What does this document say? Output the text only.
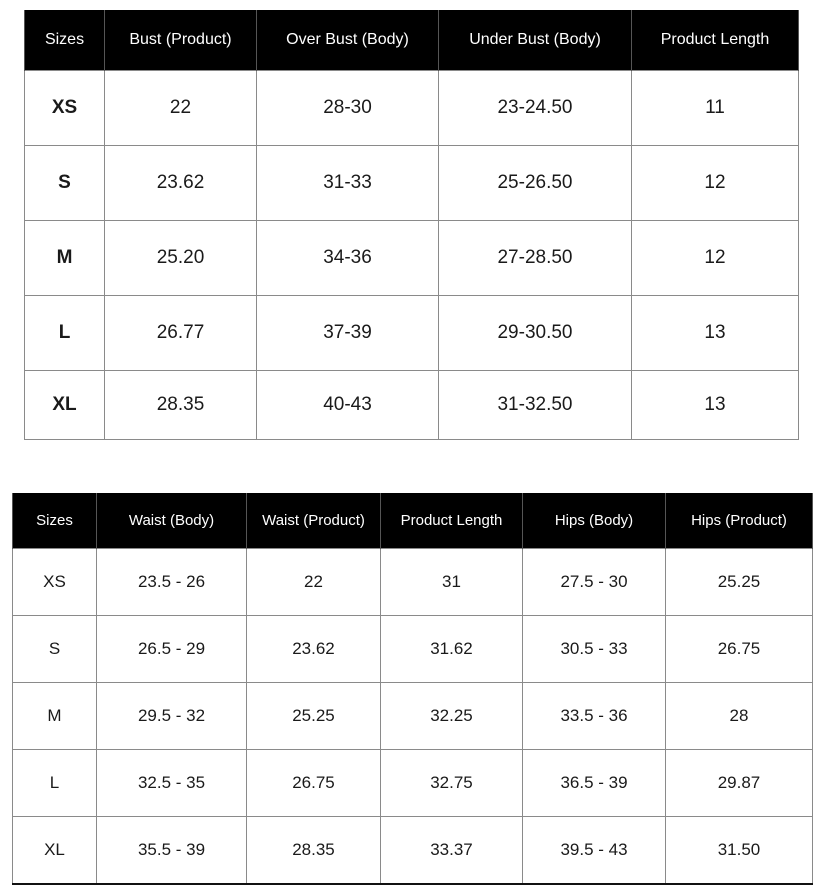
Sizes	Bust (Product)	Over Bust (Body)	Under Bust (Body)	Product Length
XS	22	28-30	23-24.50	11
S	23.62	31-33	25-26.50	12
M	25.20	34-36	27-28.50	12
L	26.77	37-39	29-30.50	13
XL	28.35	40-43	31-32.50	13
Sizes	Waist (Body)	Waist (Product)	Product Length	Hips (Body)	Hips (Product)
XS	23.5 - 26	22	31	27.5 - 30	25.25
S	26.5 - 29	23.62	31.62	30.5 - 33	26.75
M	29.5 - 32	25.25	32.25	33.5 - 36	28
L	32.5 - 35	26.75	32.75	36.5 - 39	29.87
XL	35.5 - 39	28.35	33.37	39.5 - 43	31.50
